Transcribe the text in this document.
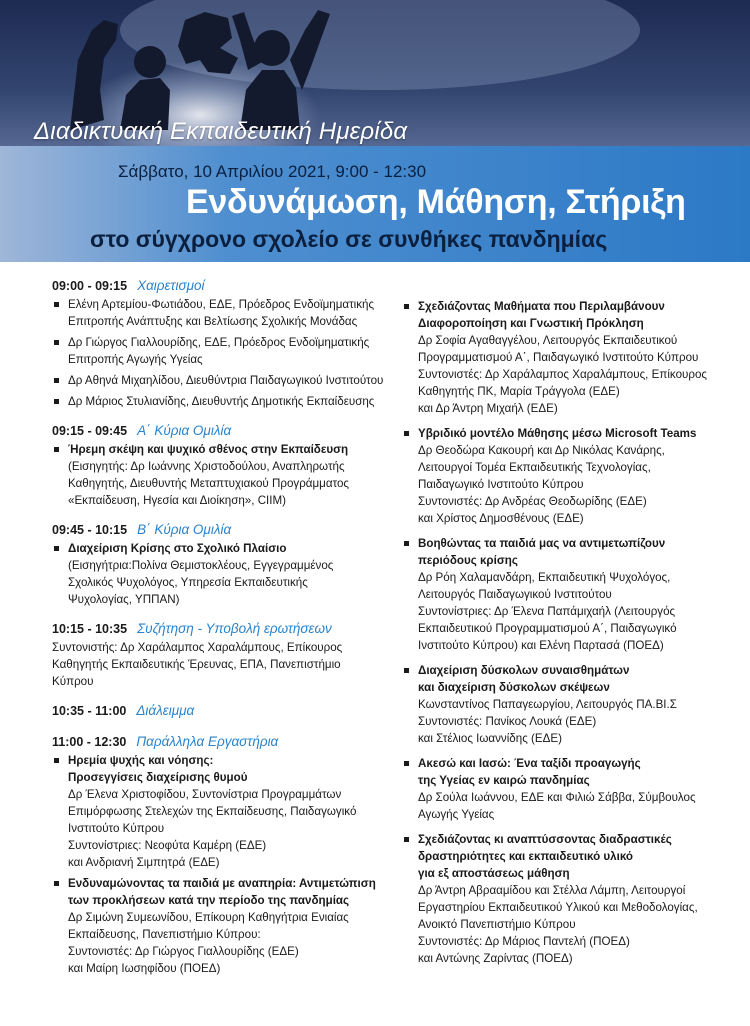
Διαδικτυακή Εκπαιδευτική Ημερίδα
Σάββατο, 10 Απριλίου 2021, 9:00 - 12:30
Ενδυνάμωση, Μάθηση, Στήριξη
στο σύγχρονο σχολείο σε συνθήκες πανδημίας
09:00 - 09:15 Χαιρετισμοί
Ελένη Αρτεμίου-Φωτιάδου, ΕΔΕ, Πρόεδρος Ενδοϊμηματικής
Επιτροπής Ανάπτυξης και Βελτίωσης Σχολικής Μονάδας
Δρ Γιώργος Γιαλλουρίδης, ΕΔΕ, Πρόεδρος Ενδοϊμηματικής
Επιτροπής Αγωγής Υγείας
Δρ Αθηνά Μιχαηλίδου, Διευθύντρια Παιδαγωγικού Ινστιτούτου
Δρ Μάριος Στυλιανίδης, Διευθυντής Δημοτικής Εκπαίδευσης
09:15 - 09:45 Α΄ Κύρια Ομιλία
Ήρεμη σκέψη και ψυχικό σθένος στην Εκπαίδευση
(Εισηγητής: Δρ Ιωάννης Χριστοδούλου, Αναπληρωτής
Καθηγητής, Διευθυντής Μεταπτυχιακού Προγράμματος
«Εκπαίδευση, Ηγεσία και Διοίκηση», CIIM)
09:45 - 10:15 Β΄ Κύρια Ομιλία
Διαχείριση Κρίσης στο Σχολικό Πλαίσιο
(Εισηγήτρια:Πολίνα Θεμιστοκλέους, Εγγεγραμμένος
Σχολικός Ψυχολόγος, Υπηρεσία Εκπαιδευτικής
Ψυχολογίας, ΥΠΠΑΝ)
10:15 - 10:35 Συζήτηση - Υποβολή ερωτήσεων
Συντονιστής: Δρ Χαράλαμπος Χαραλάμπους, Επίκουρος
Καθηγητής Εκπαιδευτικής Έρευνας, ΕΠΑ, Πανεπιστήμιο
Κύπρου
10:35 - 11:00 Διάλειμμα
11:00 - 12:30 Παράλληλα Εργαστήρια
Ηρεμία ψυχής και νόησης:
Προσεγγίσεις διαχείρισης θυμού
Δρ Έλενα Χριστοφίδου, Συντονίστρια Προγραμμάτων
Επιμόρφωσης Στελεχών της Εκπαίδευσης, Παιδαγωγικό
Ινστιτούτο Κύπρου
Συντονίστριες: Νεοφύτα Καμέρη (ΕΔΕ)
και Ανδριανή Σιμπητρά (ΕΔΕ)
Ενδυναμώνοντας τα παιδιά με αναπηρία: Αντιμετώπιση
των προκλήσεων κατά την περίοδο της πανδημίας
Δρ Σιμώνη Συμεωνίδου, Επίκουρη Καθηγήτρια Ενιαίας
Εκπαίδευσης, Πανεπιστήμιο Κύπρου:
Συντονιστές: Δρ Γιώργος Γιαλλουρίδης (ΕΔΕ)
και Μαίρη Ιωσηφίδου (ΠΟΕΔ)
Σχεδιάζοντας Μαθήματα που Περιλαμβάνουν
Διαφοροποίηση και Γνωστική Πρόκληση
Δρ Σοφία Αγαθαγγέλου, Λειτουργός Εκπαιδευτικού
Προγραμματισμού Α΄, Παιδαγωγικό Ινστιτούτο Κύπρου
Συντονιστές: Δρ Χαράλαμπος Χαραλάμπους, Επίκουρος
Καθηγητής ΠΚ, Μαρία Τράγγολα (ΕΔΕ)
και Δρ Άντρη Μιχαήλ (ΕΔΕ)
Υβριδικό μοντέλο Μάθησης μέσω Microsoft Teams
Δρ Θεοδώρα Κακουρή και Δρ Νικόλας Κανάρης,
Λειτουργοί Τομέα Εκπαιδευτικής Τεχνολογίας,
Παιδαγωγικό Ινστιτούτο Κύπρου
Συντονιστές: Δρ Ανδρέας Θεοδωρίδης (ΕΔΕ)
και Χρίστος Δημοσθένους (ΕΔΕ)
Βοηθώντας τα παιδιά μας να αντιμετωπίζουν
περιόδους κρίσης
Δρ Ρόη Χαλαμανδάρη, Εκπαιδευτική Ψυχολόγος,
Λειτουργός Παιδαγωγικού Ινστιτούτου
Συντονίστριες: Δρ Έλενα Παπάμιχαήλ (Λειτουργός
Εκπαιδευτικού Προγραμματισμού Α΄, Παιδαγωγικό
Ινστιτούτο Κύπρου) και Ελένη Παρτασά (ΠΟΕΔ)
Διαχείριση δύσκολων συναισθημάτων
και διαχείριση δύσκολων σκέψεων
Κωνσταντίνος Παπαγεωργίου, Λειτουργός ΠΑ.ΒΙ.Σ
Συντονιστές: Πανίκος Λουκά (ΕΔΕ)
και Στέλιος Ιωαννίδης (ΕΔΕ)
Ακεσώ και Ιασώ: Ένα ταξίδι προαγωγής
της Υγείας εν καιρώ πανδημίας
Δρ Σούλα Ιωάννου, ΕΔΕ και Φιλιώ Σάββα, Σύμβουλος
Αγωγής Υγείας
Σχεδιάζοντας κι αναπτύσσοντας διαδραστικές
δραστηριότητες και εκπαιδευτικό υλικό
για εξ αποστάσεως μάθηση
Δρ Άντρη Αβρααμίδου και Στέλλα Λάμπη, Λειτουργοί
Εργαστηρίου Εκπαιδευτικού Υλικού και Μεθοδολογίας,
Ανοικτό Πανεπιστήμιο Κύπρου
Συντονιστές: Δρ Μάριος Παντελή (ΠΟΕΔ)
και Αντώνης Ζαρίντας (ΠΟΕΔ)
